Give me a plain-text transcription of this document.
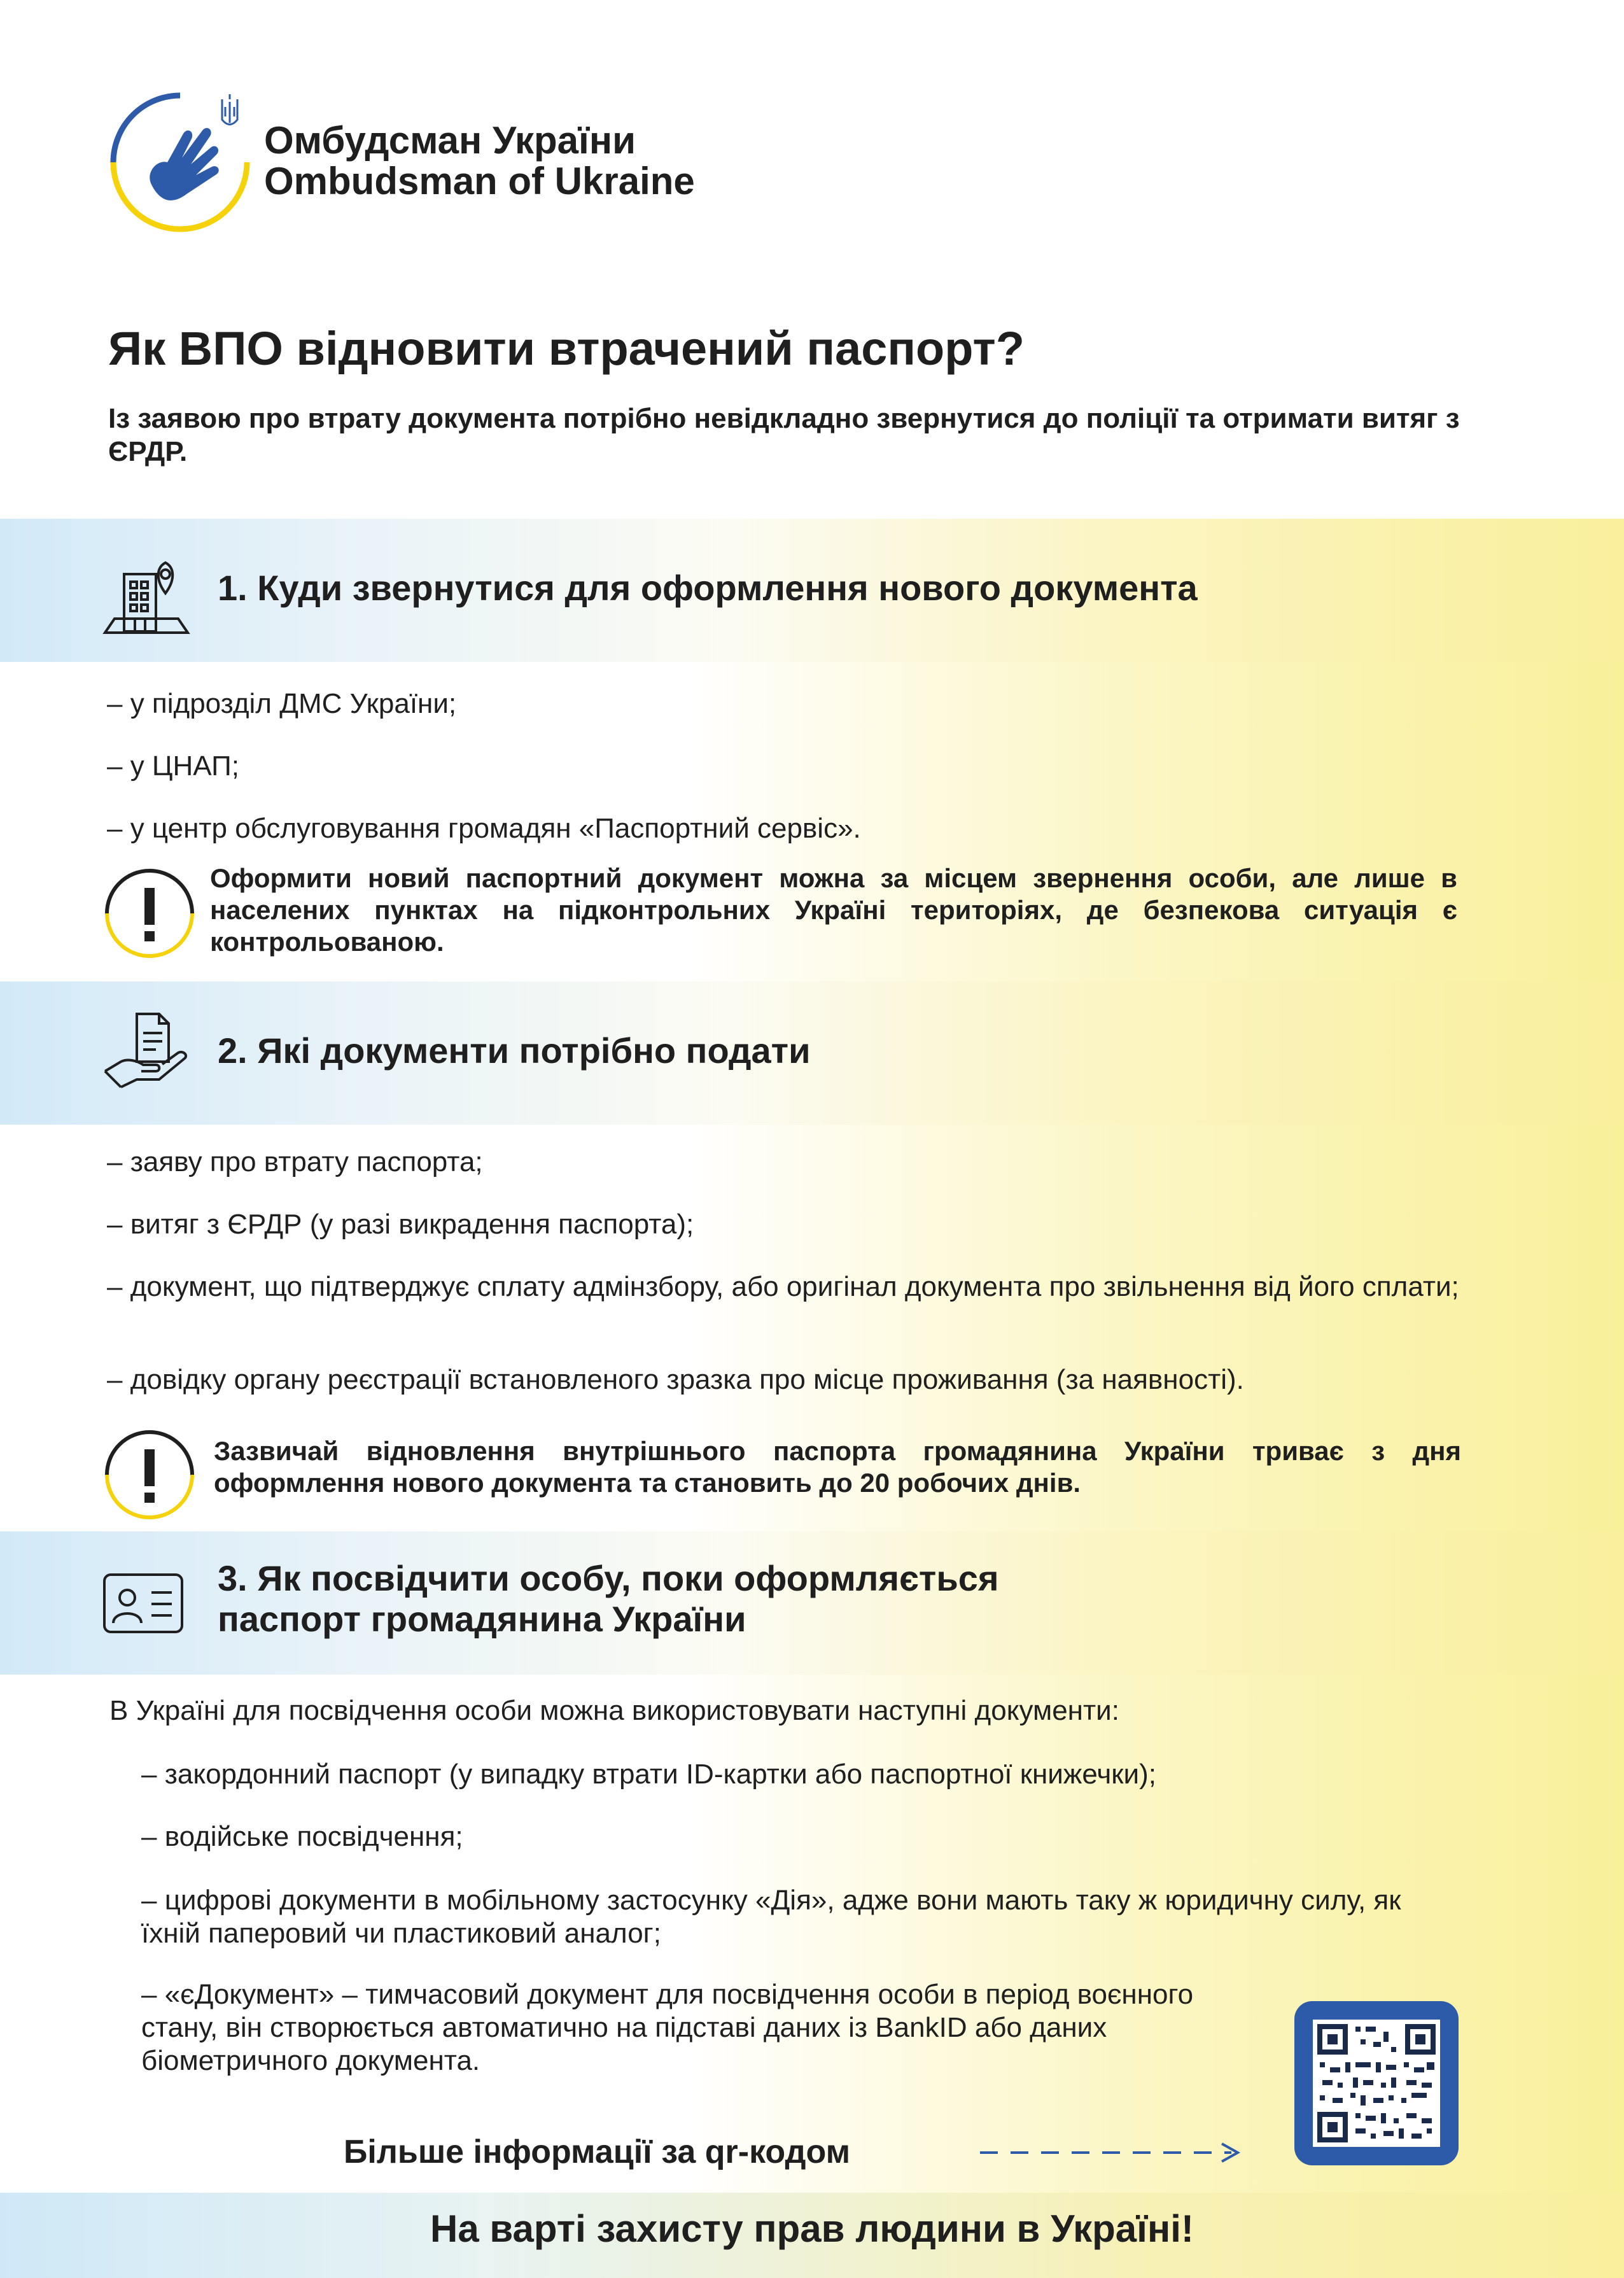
Омбудсман України
Ombudsman of Ukraine
Як ВПО відновити втрачений паспорт?
Із заявою про втрату документа потрібно невідкладно звернутися до поліції та отримати витяг з ЄРДР.
1. Куди звернутися для оформлення нового документа
– у підрозділ ДМС України;
– у ЦНАП;
– у центр обслуговування громадян «Паспортний сервіс».
Оформити новий паспортний документ можна за місцем звернення особи, але лише в населених пунктах на підконтрольних Україні територіях, де безпекова ситуація є контрольованою.
2. Які документи потрібно подати
– заяву про втрату паспорта;
– витяг з ЄРДР (у разі викрадення паспорта);
– документ, що підтверджує сплату адмінзбору, або оригінал документа про звільнення від його сплати;
– довідку органу реєстрації встановленого зразка про місце проживання (за наявності).
Зазвичай відновлення внутрішнього паспорта громадянина України триває з дня оформлення нового документа та становить до 20 робочих днів.
3. Як посвідчити особу, поки оформляється
паспорт громадянина України
В Україні для посвідчення особи можна використовувати наступні документи:
– закордонний паспорт (у випадку втрати ID-картки або паспортної книжечки);
– водійське посвідчення;
– цифрові документи в мобільному застосунку «Дія», адже вони мають таку ж юридичну силу, як їхній паперовий чи пластиковий аналог;
– «єДокумент» – тимчасовий документ для посвідчення особи в період воєнного стану, він створюється автоматично на підставі даних із BankID або даних біометричного документа.
Більше інформації за qr-кодом
На варті захисту прав людини в Україні!
